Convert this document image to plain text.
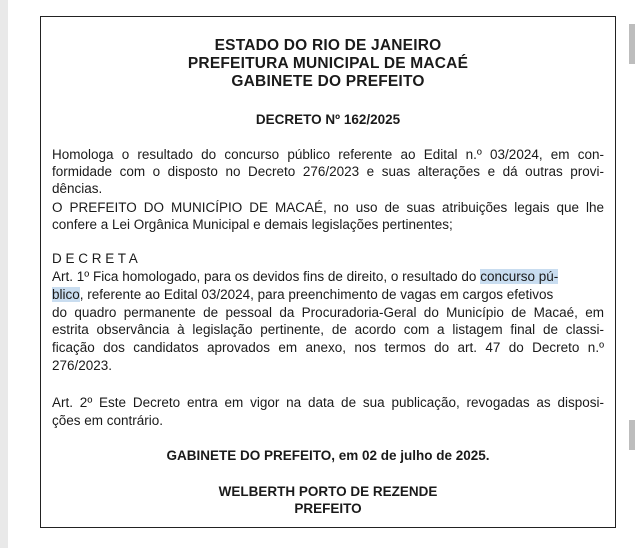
ESTADO DO RIO DE JANEIRO
PREFEITURA MUNICIPAL DE MACAÉ
GABINETE DO PREFEITO
DECRETO Nº 162/2025
Homologa o resultado do concurso público referente ao Edital n.º 03/2024, em con-
formidade com o disposto no Decreto 276/2023 e suas alterações e dá outras provi-
dências.
O PREFEITO DO MUNICÍPIO DE MACAÉ, no uso de suas atribuições legais que lhe
confere a Lei Orgânica Municipal e demais legislações pertinentes;
D E C R E T A
Art. 1º Fica homologado, para os devidos fins de direito, o resultado do concurso pú-
blico, referente ao Edital 03/2024, para preenchimento de vagas em cargos efetivos
do quadro permanente de pessoal da Procuradoria-Geral do Município de Macaé, em
estrita observância à legislação pertinente, de acordo com a listagem final de classi-
ficação dos candidatos aprovados em anexo, nos termos do art. 47 do Decreto n.º
276/2023.
Art. 2º Este Decreto entra em vigor na data de sua publicação, revogadas as disposi-
ções em contrário.
GABINETE DO PREFEITO, em 02 de julho de 2025.
WELBERTH PORTO DE REZENDE
PREFEITO
